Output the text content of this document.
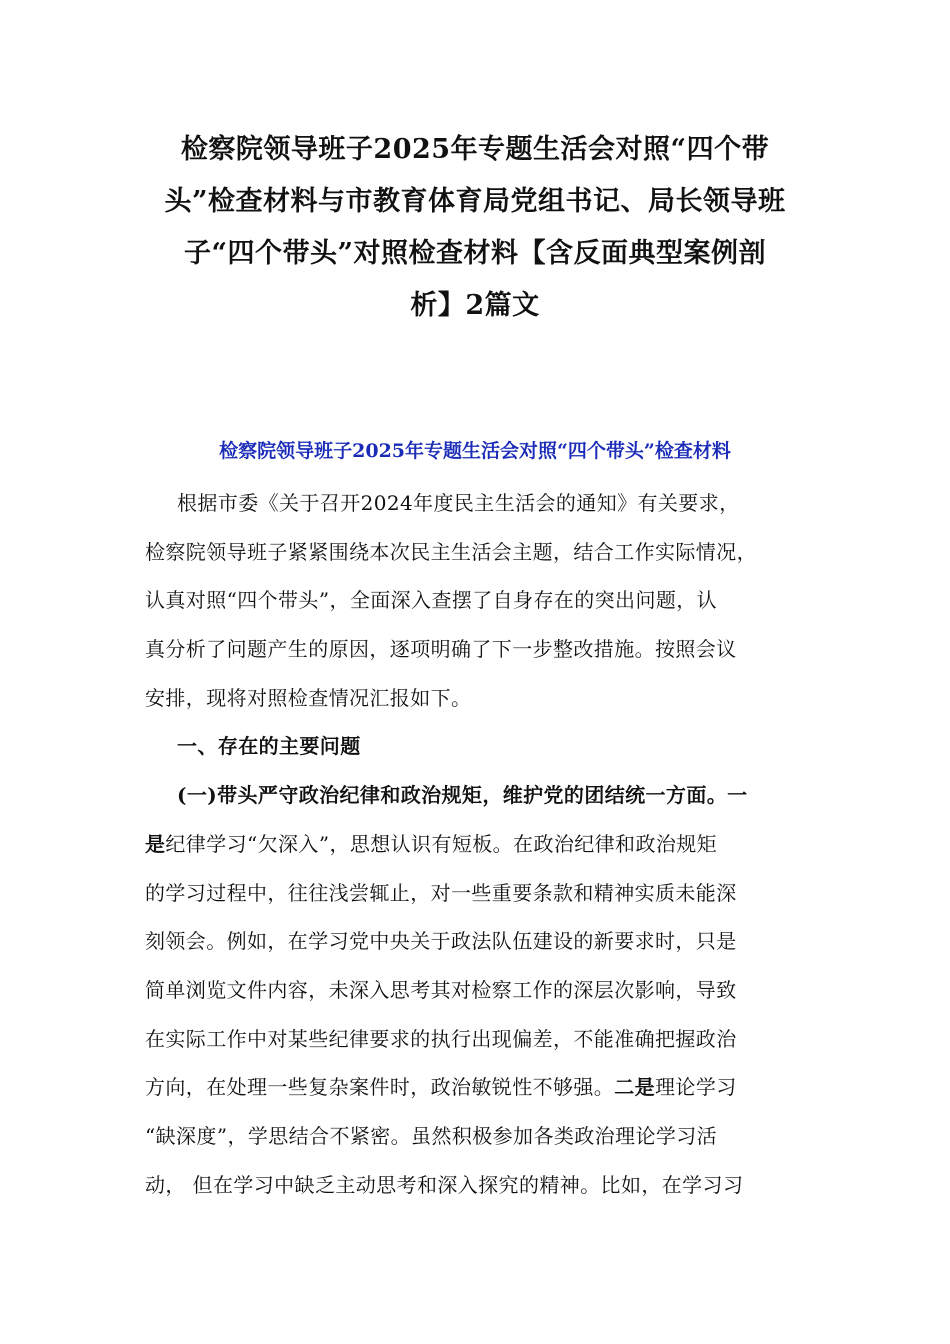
检察院领导班子2025年专题生活会对照“四个带
头”检查材料与市教育体育局党组书记、局长领导班
子“四个带头”对照检查材料【含反面典型案例剖
析】2篇文
检察院领导班子2025年专题生活会对照“四个带头”检查材料
根据市委《关于召开2024年度民主生活会的通知》有关要求，
检察院领导班子紧紧围绕本次民主生活会主题，结合工作实际情况，
认真对照“四个带头”，全面深入查摆了自身存在的突出问题，认
真分析了问题产生的原因，逐项明确了下一步整改措施。按照会议
安排，现将对照检查情况汇报如下。
一、存在的主要问题
(一)带头严守政治纪律和政治规矩，维护党的团结统一方面。一
是纪律学习“欠深入”，思想认识有短板。在政治纪律和政治规矩
的学习过程中，往往浅尝辄止，对一些重要条款和精神实质未能深
刻领会。例如，在学习党中央关于政法队伍建设的新要求时，只是
简单浏览文件内容，未深入思考其对检察工作的深层次影响，导致
在实际工作中对某些纪律要求的执行出现偏差，不能准确把握政治
方向，在处理一些复杂案件时，政治敏锐性不够强。二是理论学习
“缺深度”，学思结合不紧密。虽然积极参加各类政治理论学习活
动， 但在学习中缺乏主动思考和深入探究的精神。比如，在学习习
